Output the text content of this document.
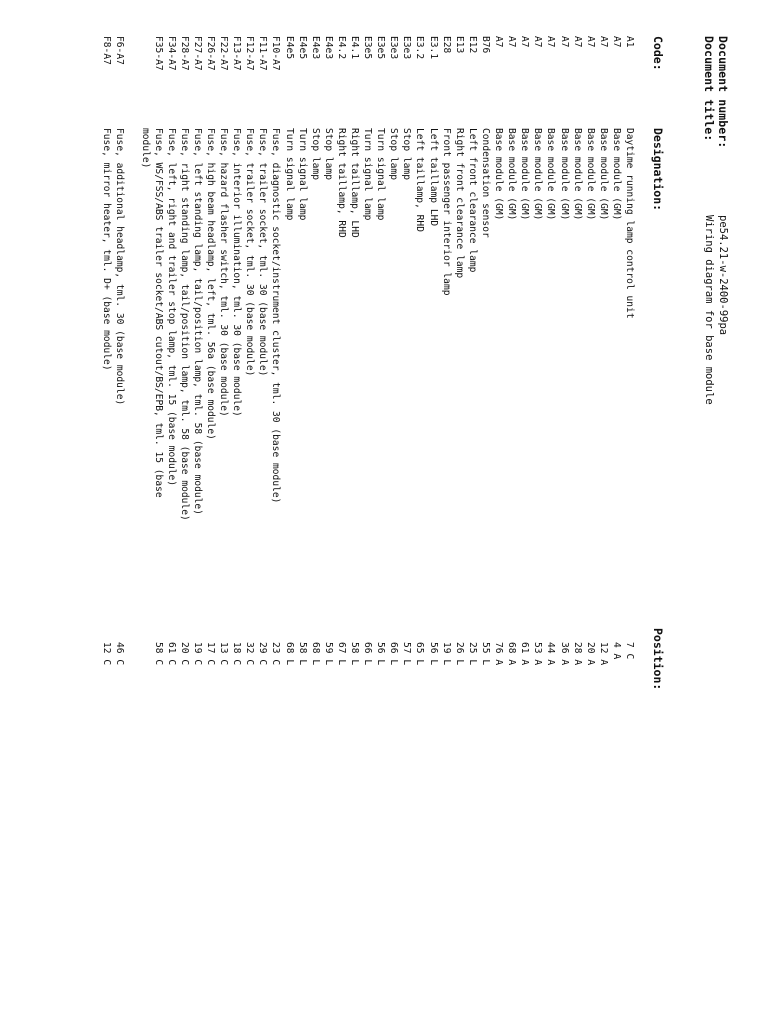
Document number:
pe54.21-w-2400-99pa
Document title:
Wiring diagram for base module
Code:
Designation:
Position:
A1
Daytime running lamp control unit
7 C
A7
Base module (GM)
4 A
A7
Base module (GM)
12 A
A7
Base module (GM)
20 A
A7
Base module (GM)
28 A
A7
Base module (GM)
36 A
A7
Base module (GM)
44 A
A7
Base module (GM)
53 A
A7
Base module (GM)
61 A
A7
Base module (GM)
68 A
A7
Base module (GM)
76 A
B76
Condensation sensor
55 L
E12
Left front clearance lamp
25 L
E13
Right front clearance lamp
26 L
E28
Front passenger interior lamp
19 L
E3.1
Left taillamp LHD
56 L
E3.2
Left taillamp, RHD
65 L
E3e3
Stop lamp
57 L
E3e3
Stop lamp
66 L
E3e5
Turn signal lamp
56 L
E3e5
Turn signal lamp
66 L
E4.1
Right taillamp, LHD
58 L
E4.2
Right taillamp, RHD
67 L
E4e3
Stop lamp
59 L
E4e3
Stop lamp
68 L
E4e5
Turn signal lamp
58 L
E4e5
Turn signal lamp
68 L
F10-A7
Fuse, diagnostic socket/instrument cluster, tml. 30 (base module)
23 C
F11-A7
Fuse, trailer socket, tml. 30 (base module)
29 C
F12-A7
Fuse, trailer socket, tml. 30 (base module)
32 C
F13-A7
Fuse, interior illumination, tml. 30 (base module)
18 C
F22-A7
Fuse, hazard flasher switch, tml. 30 (base module)
13 C
F26-A7
Fuse, high beam headlamp, left, tml. 56a (base module)
17 C
F27-A7
Fuse, left standing lamp, tail/position lamp, tml. 58 (base module)
19 C
F28-A7
Fuse, right standing lamp, tail/position lamp, tml. 58 (base module)
20 C
F34-A7
Fuse, left, right and trailer stop lamp, tml. 15 (base module)
61 C
F35-A7
Fuse, WS/FSS/ABS trailer socket/ABS cutout/BS/EPB, tml. 15 (base
58 C
module)
F6-A7
Fuse, additional headlamp, tml. 30 (base module)
46 C
F8-A7
Fuse, mirror heater, tml. D+ (base module)
12 C
